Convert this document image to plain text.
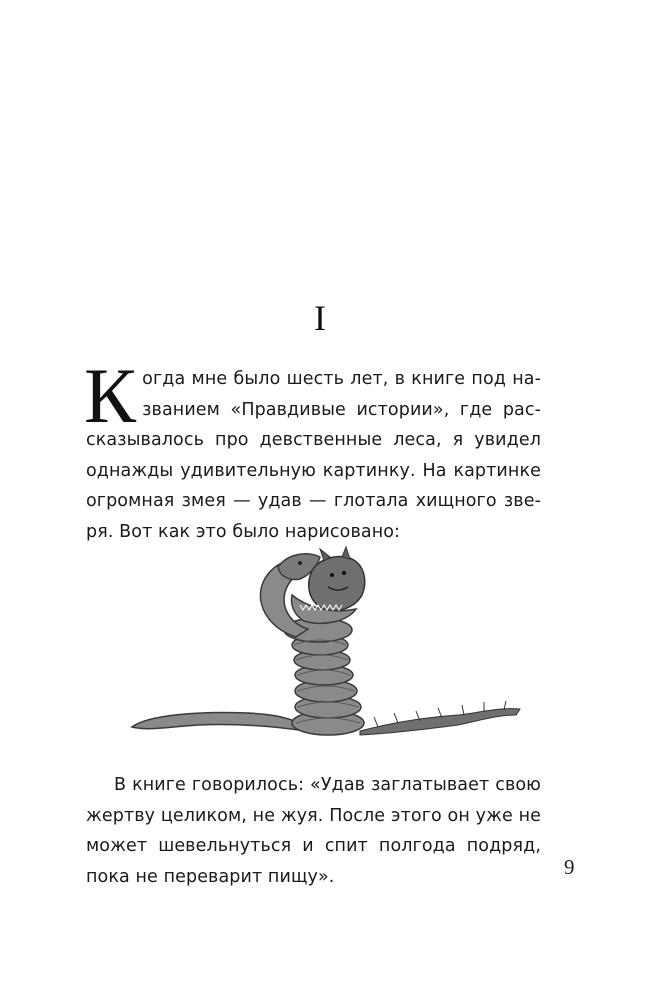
I
К огда мне было шесть лет, в книге под на-
званием «Правдивые истории», где рас-
сказывалось про девственные леса, я увидел
однажды удивительную картинку. На картинке
огромная змея — удав — глотала хищного зве-
ря. Вот как это было нарисовано:
В книге говорилось: «Удав заглатывает свою
жертву целиком, не жуя. После этого он уже не
может шевельнуться и спит полгода подряд,
пока не переварит пищу».	9
